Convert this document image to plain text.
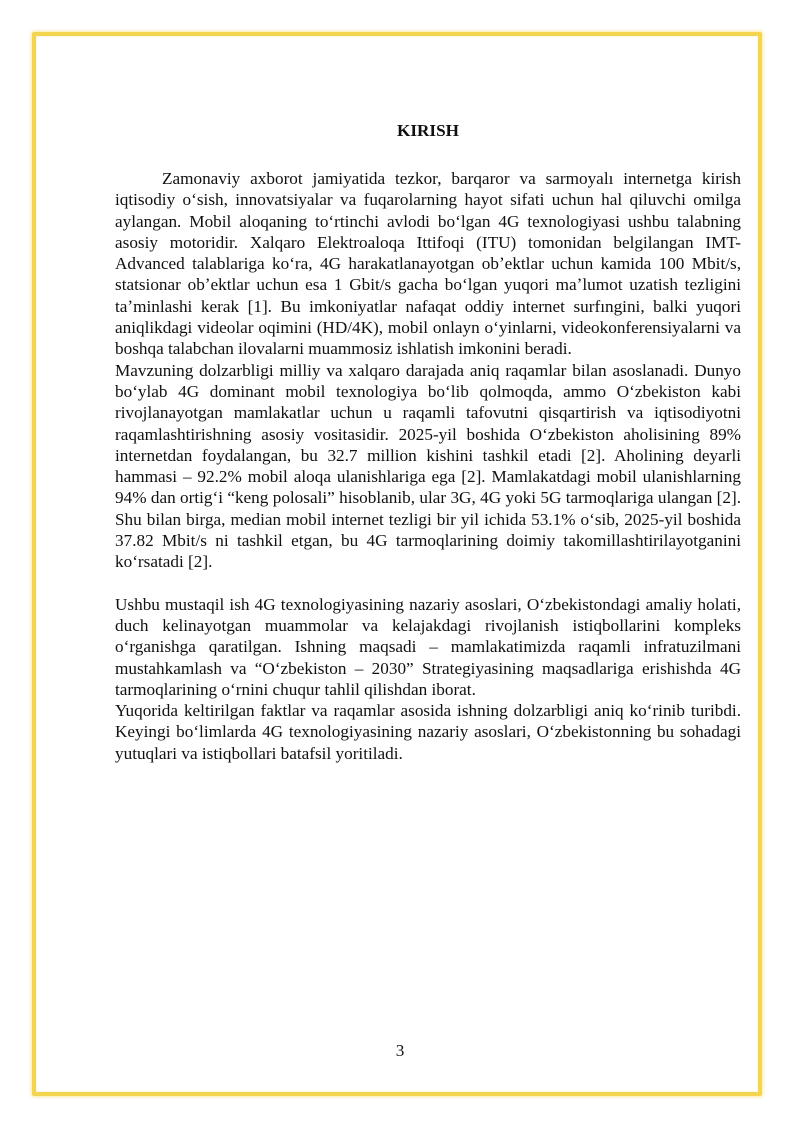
KIRISH

Zamonaviy axborot jamiyatida tezkor, barqaror va sarmoyalı internetga kirish iqtisodiy oʻsish, innovatsiyalar va fuqarolarning hayot sifati uchun hal qiluvchi omilga aylangan. Mobil aloqaning toʻrtinchi avlodi boʻlgan 4G texnologiyasi ushbu talabning asosiy motoridir. Xalqaro Elektroaloqa Ittifoqi (ITU) tomonidan belgilangan IMT-Advanced talablariga koʻra, 4G harakatlanayotgan obʼektlar uchun kamida 100 Mbit/s, statsionar obʼektlar uchun esa 1 Gbit/s gacha boʻlgan yuqori maʼlumot uzatish tezligini taʼminlashi kerak [1]. Bu imkoniyatlar nafaqat oddiy internet surfıngini, balki yuqori aniqlikdagi videolar oqimini (HD/4K), mobil onlayn oʻyinlarni, videokonferensiyalarni va boshqa talabchan ilovalarni muammosiz ishlatish imkonini beradi.

Mavzuning dolzarbligi milliy va xalqaro darajada aniq raqamlar bilan asoslanadi. Dunyo boʻylab 4G dominant mobil texnologiya boʻlib qolmoqda, ammo Oʻzbekiston kabi rivojlanayotgan mamlakatlar uchun u raqamli tafovutni qisqartirish va iqtisodiyotni raqamlashtirishning asosiy vositasidir. 2025-yil boshida Oʻzbekiston aholisining 89% internetdan foydalangan, bu 32.7 million kishini tashkil etadi [2]. Aholining deyarli hammasi – 92.2% mobil aloqa ulanishlariga ega [2]. Mamlakatdagi mobil ulanishlarning 94% dan ortigʻi “keng polosali” hisoblanib, ular 3G, 4G yoki 5G tarmoqlariga ulangan [2]. Shu bilan birga, median mobil internet tezligi bir yil ichida 53.1% oʻsib, 2025-yil boshida 37.82 Mbit/s ni tashkil etgan, bu 4G tarmoqlarining doimiy takomillashtirilayotganini koʻrsatadi [2].

Ushbu mustaqil ish 4G texnologiyasining nazariy asoslari, Oʻzbekistondagi amaliy holati, duch kelinayotgan muammolar va kelajakdagi rivojlanish istiqbollarini kompleks oʻrganishga qaratilgan. Ishning maqsadi – mamlakatimizda raqamli infratuzilmani mustahkamlash va “Oʻzbekiston – 2030” Strategiyasining maqsadlariga erishishda 4G tarmoqlarining oʻrnini chuqur tahlil qilishdan iborat.

Yuqorida keltirilgan faktlar va raqamlar asosida ishning dolzarbligi aniq koʻrinib turibdi. Keyingi boʻlimlarda 4G texnologiyasining nazariy asoslari, Oʻzbekistonning bu sohadagi yutuqlari va istiqbollari batafsil yoritiladi.

3
